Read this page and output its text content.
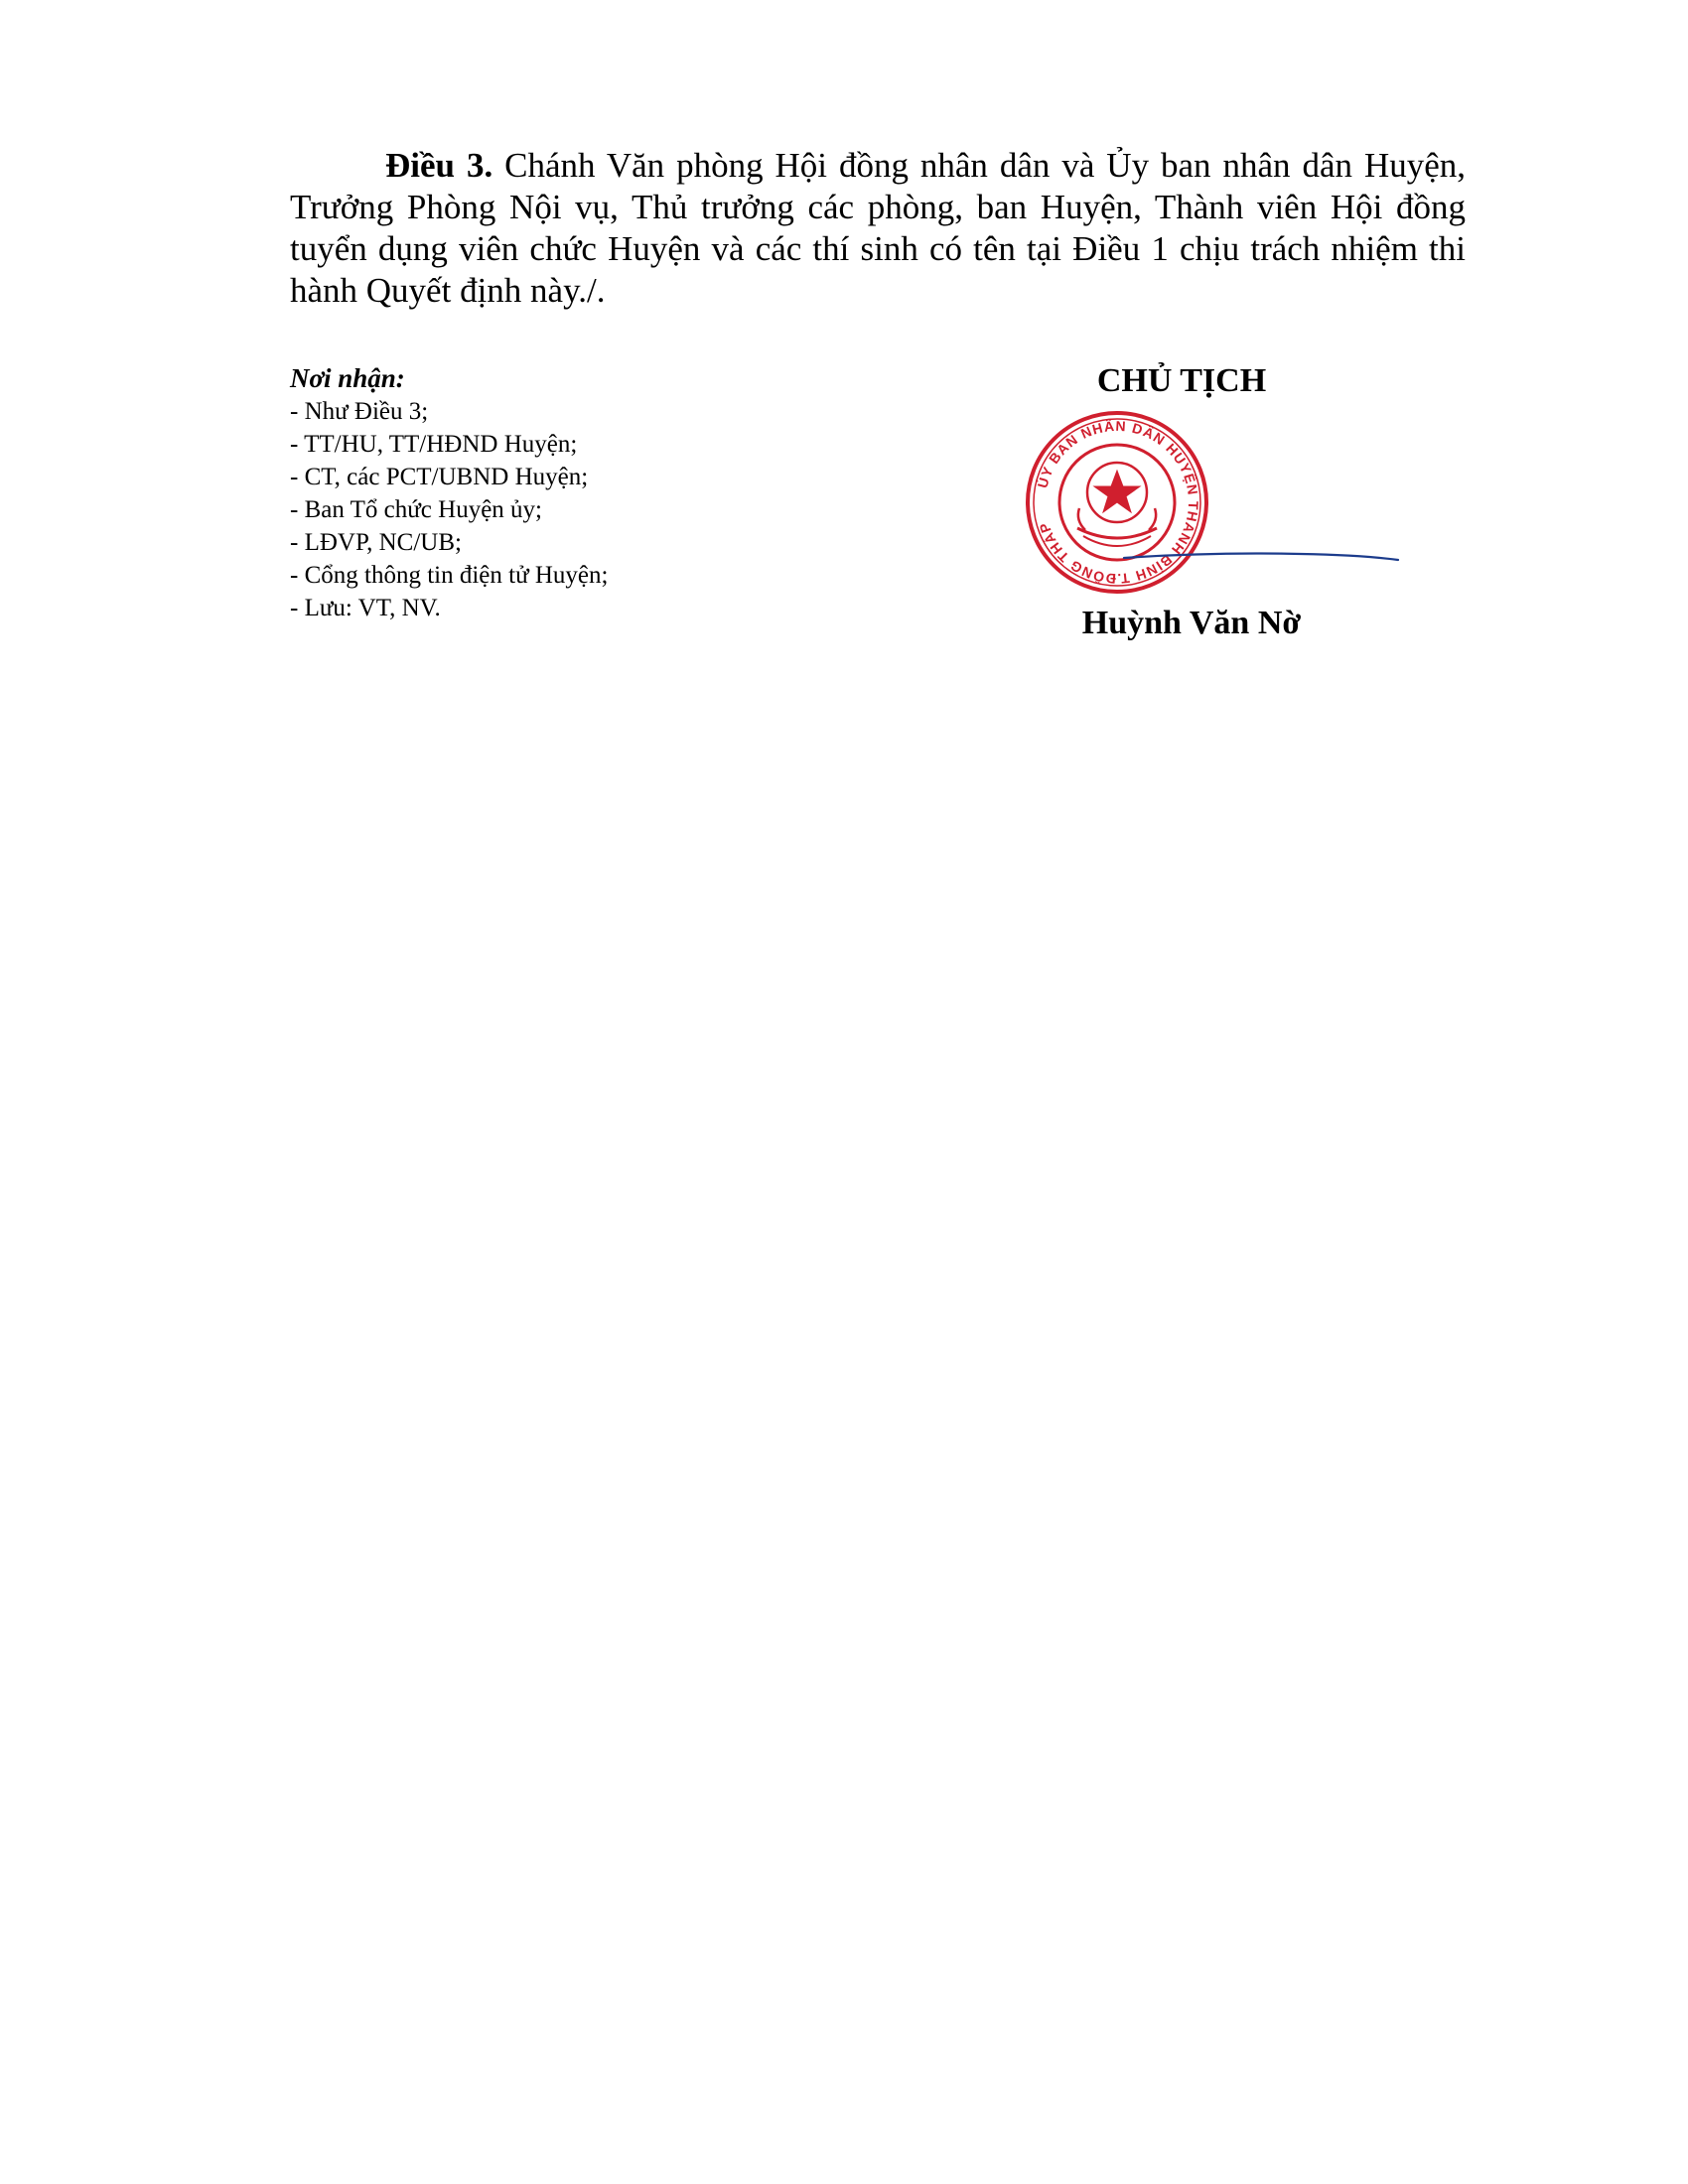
Điều 3. Chánh Văn phòng Hội đồng nhân dân và Ủy ban nhân dân Huyện, Trưởng Phòng Nội vụ, Thủ trưởng các phòng, ban Huyện, Thành viên Hội đồng tuyển dụng viên chức Huyện và các thí sinh có tên tại Điều 1 chịu trách nhiệm thi hành Quyết định này./.

Nơi nhận:
- Như Điều 3;
- TT/HU, TT/HĐND Huyện;
- CT, các PCT/UBND Huyện;
- Ban Tổ chức Huyện ủy;
- LĐVP, NC/UB;
- Cổng thông tin điện tử Huyện;
- Lưu: VT, NV.
CHỦ TỊCH
ỦY BAN NHÂN DÂN HUYỆN THANH BÌNH T.ĐỒNG THÁP
Huỳnh Văn Nờ
